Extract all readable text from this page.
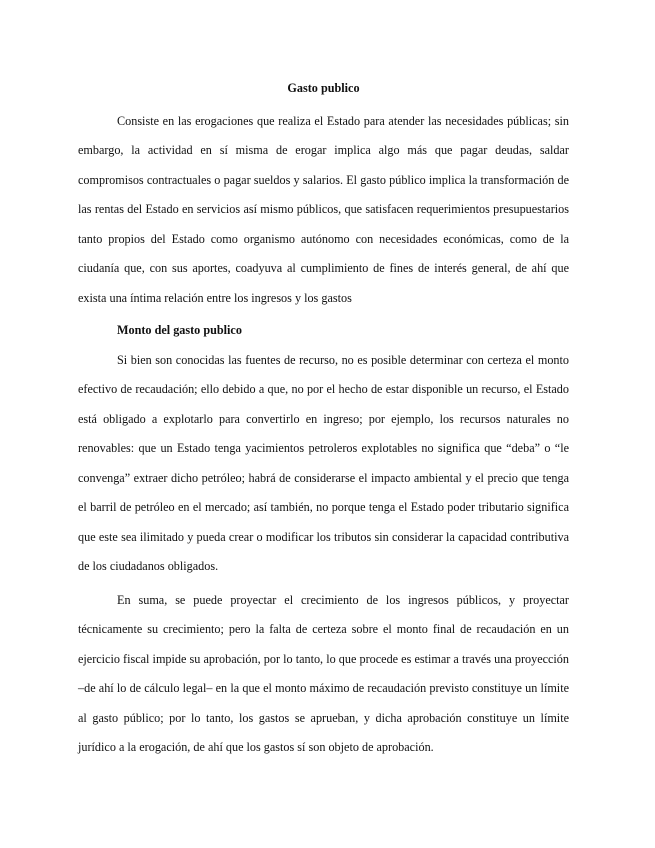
Gasto publico

Consiste en las erogaciones que realiza el Estado para atender las necesidades públicas; sin embargo, la actividad en sí misma de erogar implica algo más que pagar deudas, saldar compromisos contractuales o pagar sueldos y salarios. El gasto público implica la transformación de las rentas del Estado en servicios así mismo públicos, que satisfacen requerimientos presupuestarios tanto propios del Estado como organismo autónomo con necesidades económicas, como de la ciudanía que, con sus aportes, coadyuva al cumplimiento de fines de interés general, de ahí que exista una íntima relación entre los ingresos y los gastos

Monto del gasto publico

Si bien son conocidas las fuentes de recurso, no es posible determinar con certeza el monto efectivo de recaudación; ello debido a que, no por el hecho de estar disponible un recurso, el Estado está obligado a explotarlo para convertirlo en ingreso; por ejemplo, los recursos naturales no renovables: que un Estado tenga yacimientos petroleros explotables no significa que “deba” o “le convenga” extraer dicho petróleo; habrá de considerarse el impacto ambiental y el precio que tenga el barril de petróleo en el mercado; así también, no porque tenga el Estado poder tributario significa que este sea ilimitado y pueda crear o modificar los tributos sin considerar la capacidad contributiva de los ciudadanos obligados.

En suma, se puede proyectar el crecimiento de los ingresos públicos, y proyectar técnicamente su crecimiento; pero la falta de certeza sobre el monto final de recaudación en un ejercicio fiscal impide su aprobación, por lo tanto, lo que procede es estimar a través una proyección –de ahí lo de cálculo legal– en la que el monto máximo de recaudación previsto constituye un límite al gasto público; por lo tanto, los gastos se aprueban, y dicha aprobación constituye un límite jurídico a la erogación, de ahí que los gastos sí son objeto de aprobación.
